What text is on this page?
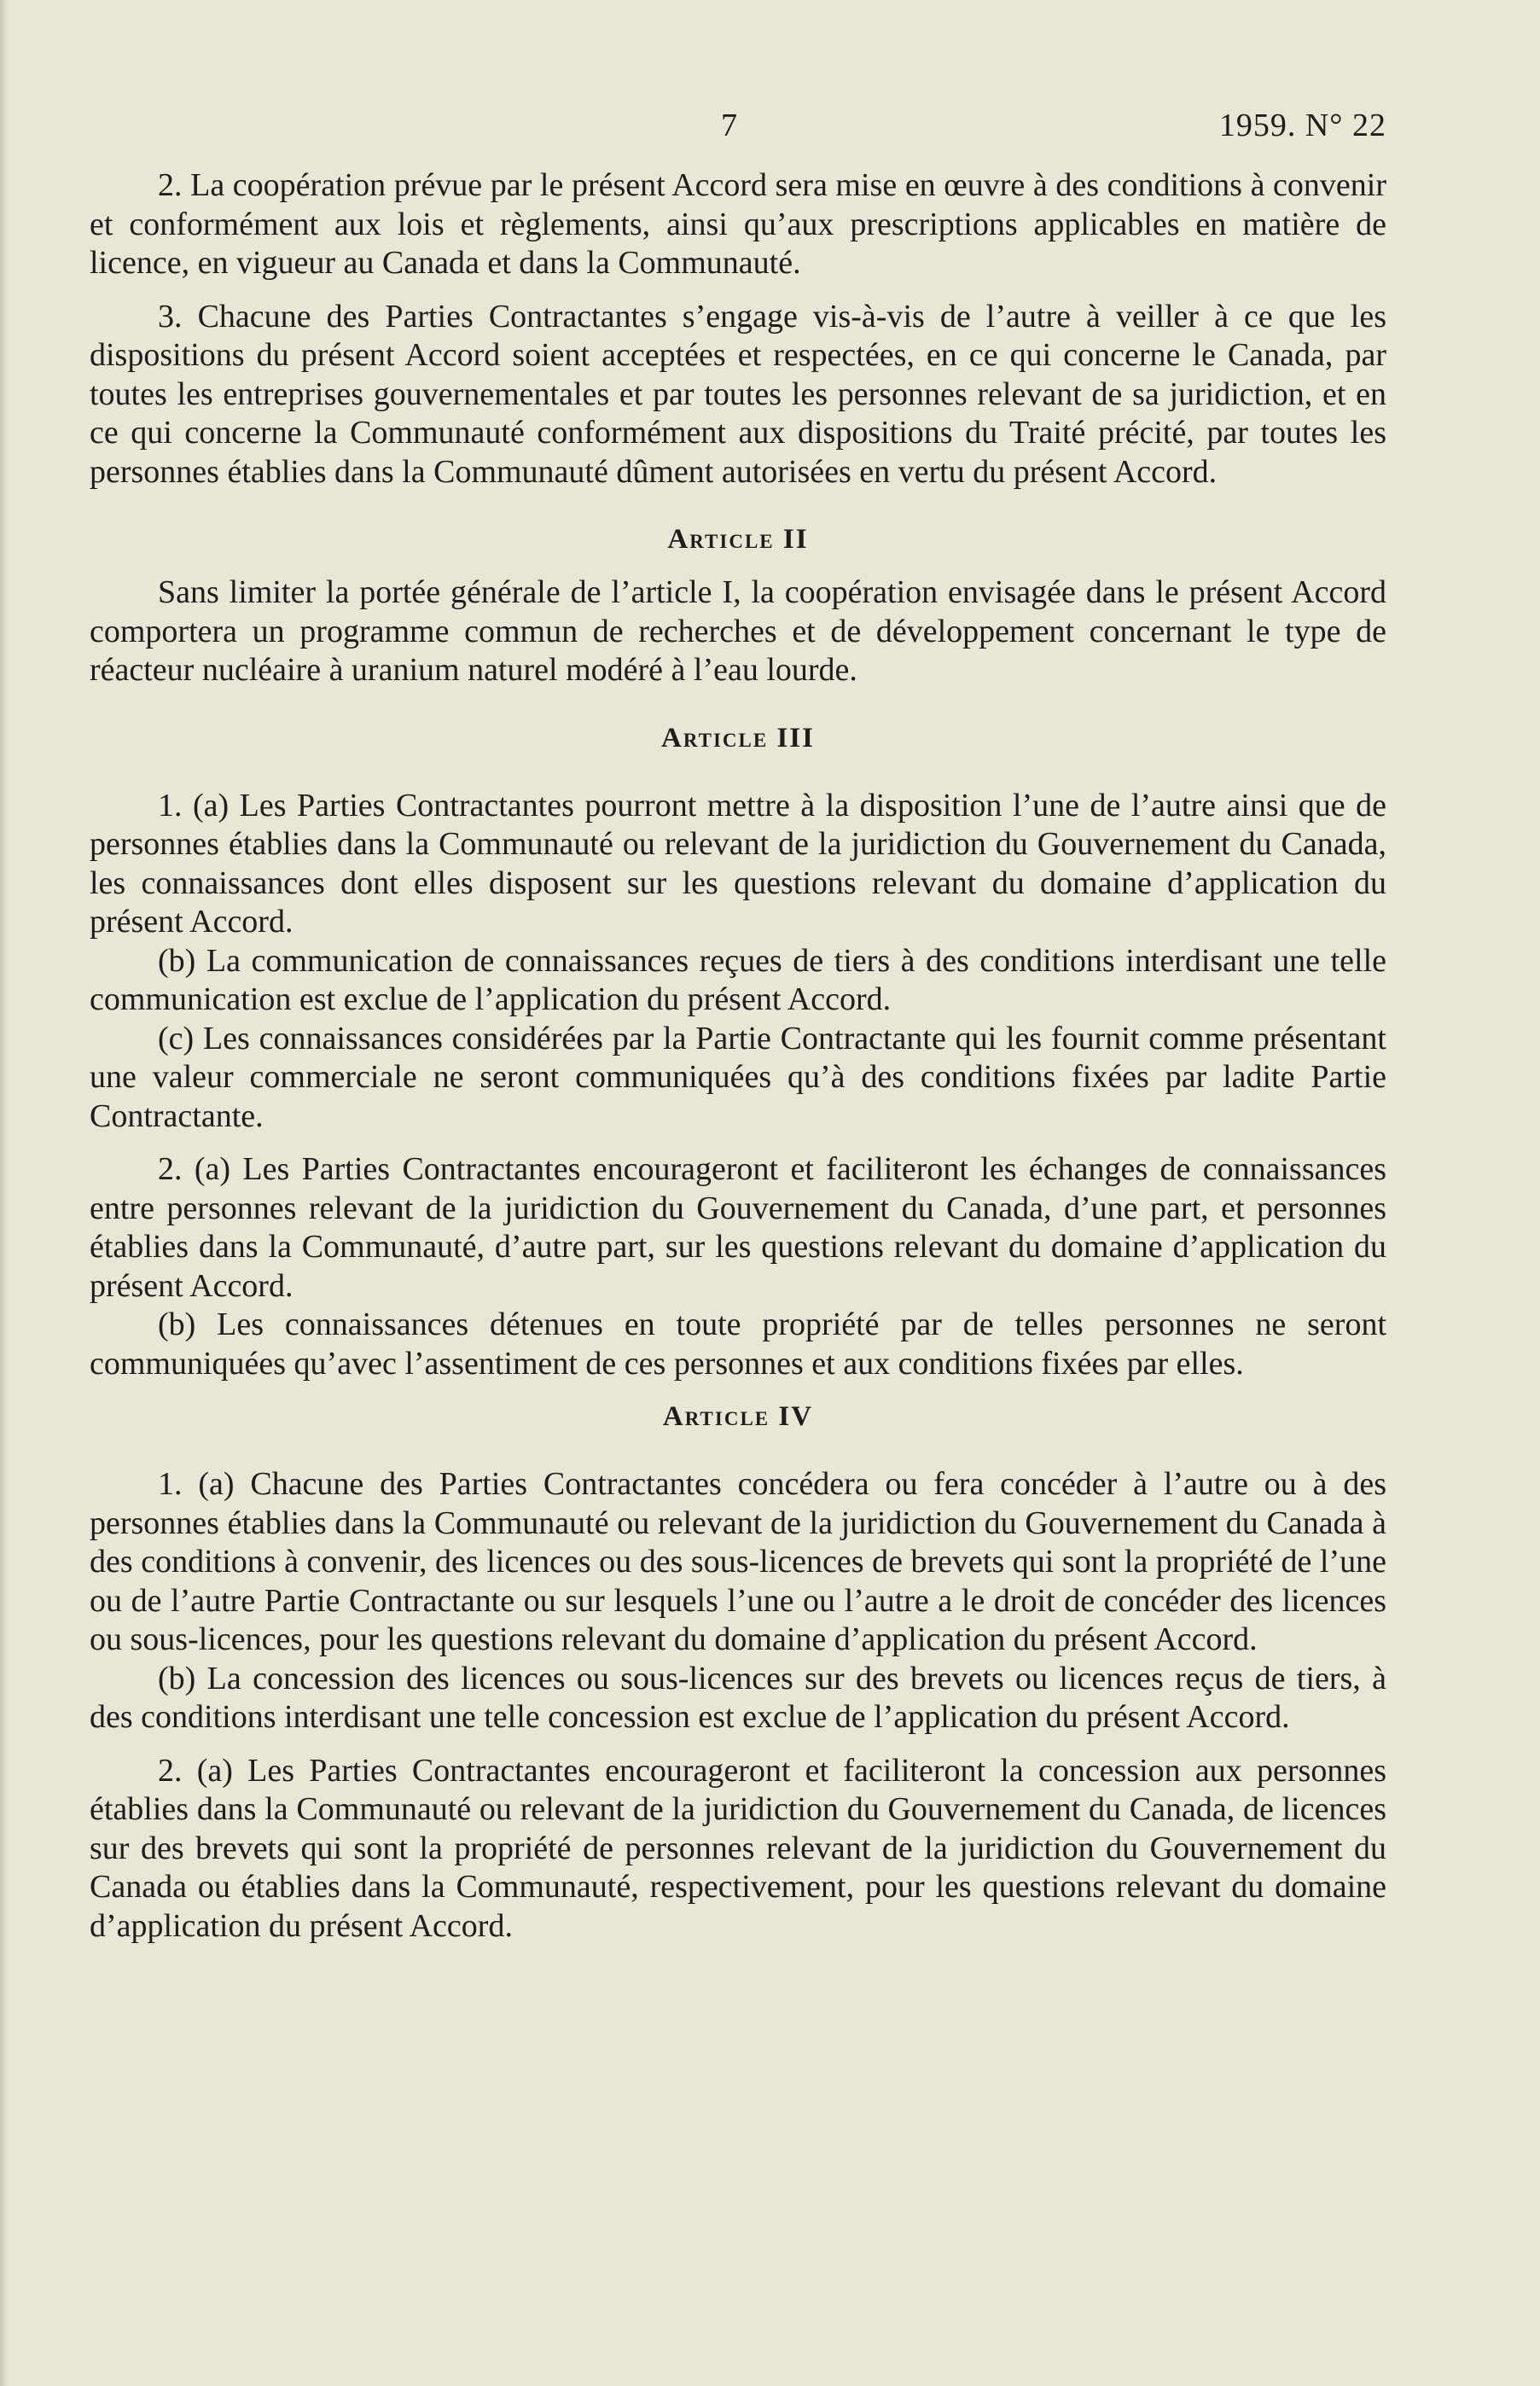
7	1959. N° 22

2. La coopération prévue par le présent Accord sera mise en œuvre à des conditions à convenir et conformément aux lois et règlements, ainsi qu’aux prescriptions applicables en matière de licence, en vigueur au Canada et dans la Communauté.

3. Chacune des Parties Contractantes s’engage vis-à-vis de l’autre à veiller à ce que les dispositions du présent Accord soient acceptées et respectées, en ce qui concerne le Canada, par toutes les entreprises gouvernementales et par toutes les personnes relevant de sa juridiction, et en ce qui concerne la Communauté conformément aux dispositions du Traité précité, par toutes les personnes établies dans la Communauté dûment autorisées en vertu du présent Accord.

Article II

Sans limiter la portée générale de l’article I, la coopération envisagée dans le présent Accord comportera un programme commun de recherches et de développement concernant le type de réacteur nucléaire à uranium naturel modéré à l’eau lourde.

Article III

1. (a) Les Parties Contractantes pourront mettre à la disposition l’une de l’autre ainsi que de personnes établies dans la Communauté ou relevant de la juridiction du Gouvernement du Canada, les connaissances dont elles disposent sur les questions relevant du domaine d’application du présent Accord.

(b) La communication de connaissances reçues de tiers à des conditions interdisant une telle communication est exclue de l’application du présent Accord.

(c) Les connaissances considérées par la Partie Contractante qui les fournit comme présentant une valeur commerciale ne seront communiquées qu’à des conditions fixées par ladite Partie Contractante.

2. (a) Les Parties Contractantes encourageront et faciliteront les échanges de connaissances entre personnes relevant de la juridiction du Gouvernement du Canada, d’une part, et personnes établies dans la Communauté, d’autre part, sur les questions relevant du domaine d’application du présent Accord.

(b) Les connaissances détenues en toute propriété par de telles personnes ne seront communiquées qu’avec l’assentiment de ces personnes et aux conditions fixées par elles.

Article IV

1. (a) Chacune des Parties Contractantes concédera ou fera concéder à l’autre ou à des personnes établies dans la Communauté ou relevant de la juridiction du Gouvernement du Canada à des conditions à convenir, des licences ou des sous-licences de brevets qui sont la propriété de l’une ou de l’autre Partie Contractante ou sur lesquels l’une ou l’autre a le droit de concéder des licences ou sous-licences, pour les questions relevant du domaine d’application du présent Accord.

(b) La concession des licences ou sous-licences sur des brevets ou licences reçus de tiers, à des conditions interdisant une telle concession est exclue de l’application du présent Accord.

2. (a) Les Parties Contractantes encourageront et faciliteront la concession aux personnes établies dans la Communauté ou relevant de la juridiction du Gouvernement du Canada, de licences sur des brevets qui sont la propriété de personnes relevant de la juridiction du Gouvernement du Canada ou établies dans la Communauté, respectivement, pour les questions relevant du domaine d’application du présent Accord.
